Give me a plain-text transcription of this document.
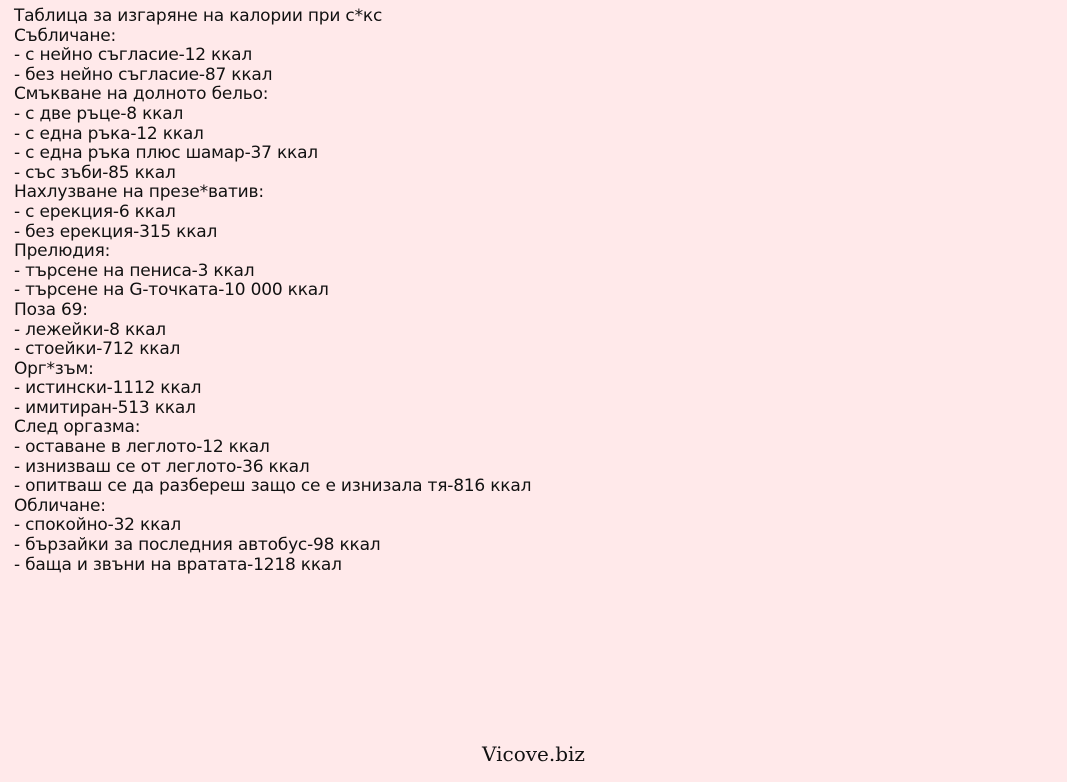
Таблица за изгаряне на калории при с*кс
Събличане:
- с нейно съгласие-12 ккал
- без нейно съгласие-87 ккал
Смъкване на долното бельо:
- с две ръце-8 ккал
- с една ръка-12 ккал
- с една ръка плюс шамар-37 ккал
- със зъби-85 ккал
Нахлузване на презе*ватив:
- с ерекция-6 ккал
- без ерекция-315 ккал
Прелюдия:
- търсене на пениса-3 ккал
- търсене на G-точката-10 000 ккал
Поза 69:
- лежейки-8 ккал
- стоейки-712 ккал
Орг*зъм:
- истински-1112 ккал
- имитиран-513 ккал
След оргазма:
- оставане в леглото-12 ккал
- изнизваш се от леглото-36 ккал
- опитваш се да разбереш защо се е изнизала тя-816 ккал
Обличане:
- спокойно-32 ккал
- бързайки за последния автобус-98 ккал
- баща и звъни на вратата-1218 ккал
Vicove.biz
